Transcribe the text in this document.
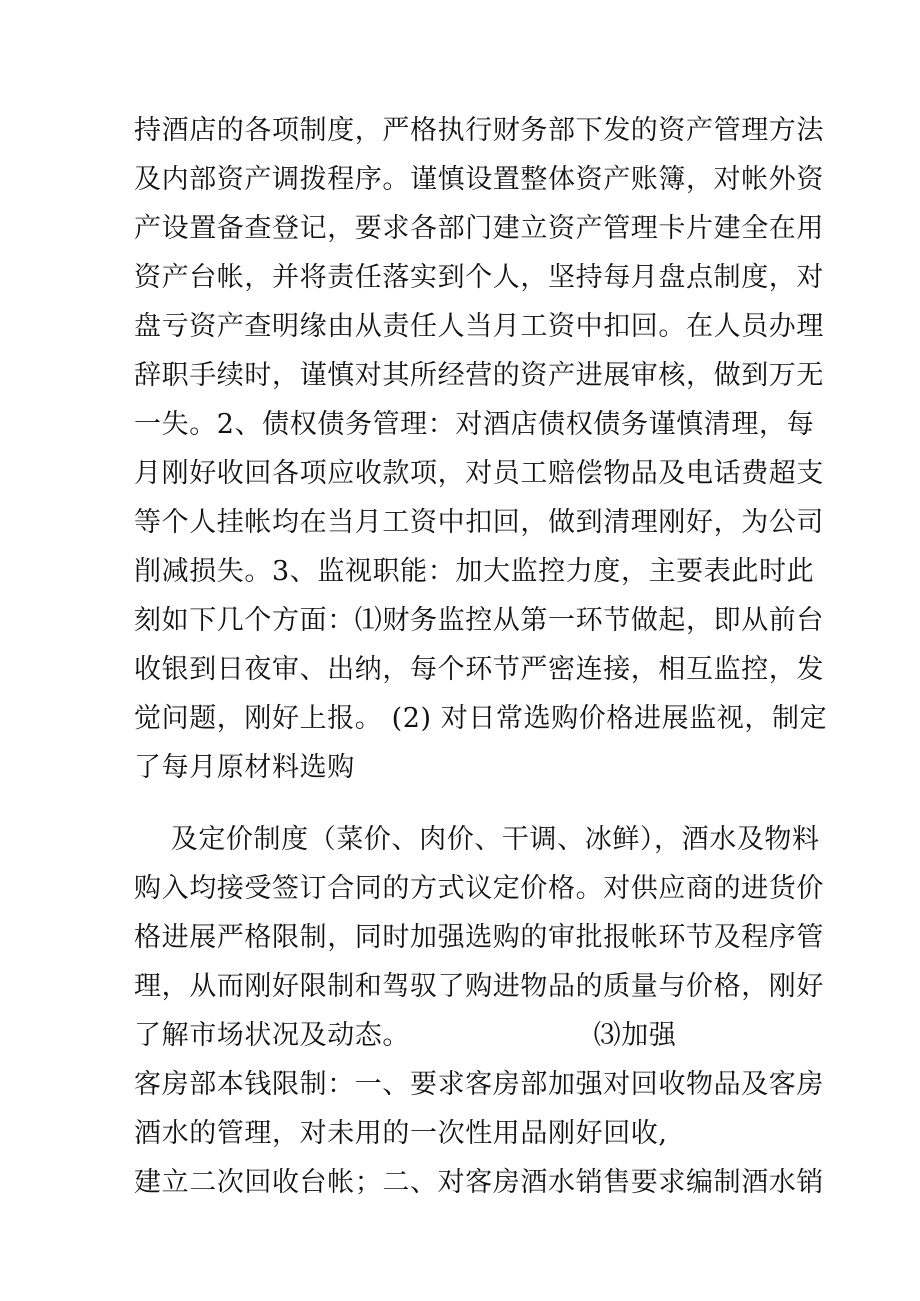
持酒店的各项制度，严格执行财务部下发的资产管理方法
及内部资产调拨程序。谨慎设置整体资产账簿，对帐外资
产设置备查登记，要求各部门建立资产管理卡片建全在用
资产台帐，并将责任落实到个人，坚持每月盘点制度，对
盘亏资产查明缘由从责任人当月工资中扣回。在人员办理
辞职手续时，谨慎对其所经营的资产进展审核，做到万无
一失。2、债权债务管理：对酒店债权债务谨慎清理，每
月刚好收回各项应收款项，对员工赔偿物品及电话费超支
等个人挂帐均在当月工资中扣回，做到清理刚好，为公司
削减损失。3、监视职能：加大监控力度，主要表此时此
刻如下几个方面：⑴财务监控从第一环节做起，即从前台
收银到日夜审、出纳，每个环节严密连接，相互监控，发
觉问题，刚好上报。 (2) 对日常选购价格进展监视，制定
了每月原材料选购
及定价制度（菜价、肉价、干调、冰鲜），酒水及物料
购入均接受签订合同的方式议定价格。对供应商的进货价
格进展严格限制，同时加强选购的审批报帐环节及程序管
理，从而刚好限制和驾驭了购进物品的质量与价格，刚好
了解市场状况及动态。                    ⑶加强
客房部本钱限制：一、要求客房部加强对回收物品及客房
酒水的管理，对未用的一次性用品刚好回收,
建立二次回收台帐；二、对客房酒水销售要求编制酒水销
